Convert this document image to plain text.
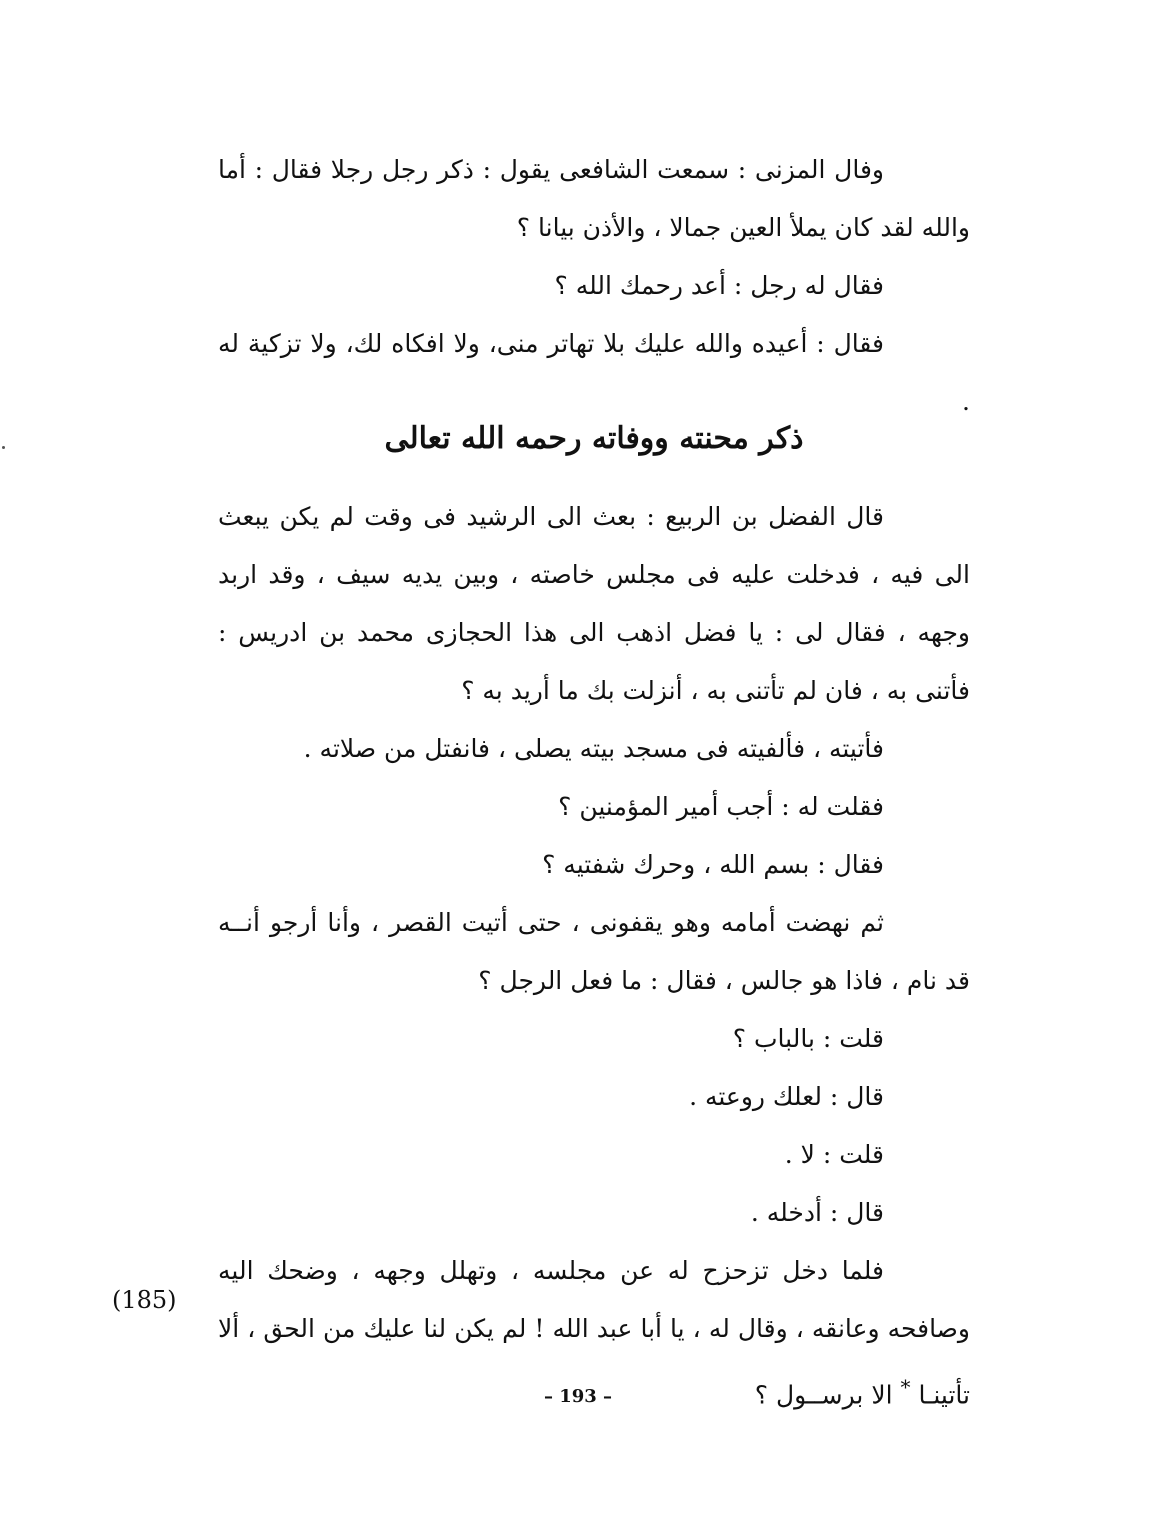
وفال المزنى : سمعت الشافعى يقول : ذكر رجل رجلا فقال : أما والله لقد كان يملأ العين جمالا ، والأذن بيانا ؟

فقال له رجل : أعد رحمك الله ؟

فقال : أعيده والله عليك بلا تهاتر منى، ولا افكاه لك، ولا تزكية له .

ذكر محنته ووفاته رحمه الله تعالى

قال الفضل بن الربيع : بعث الى الرشيد فى وقت لم يكن يبعث الى فيه ، فدخلت عليه فى مجلس خاصته ، وبين يديه سيف ، وقد اربد وجهه ، فقال لى : يا فضل اذهب الى هذا الحجازى محمد بن ادريس : فأتنى به ، فان لم تأتنى به ، أنزلت بك ما أريد به ؟

فأتيته ، فألفيته فى مسجد بيته يصلى ، فانفتل من صلاته .

فقلت له : أجب أمير المؤمنين ؟

فقال : بسم الله ، وحرك شفتيه ؟

ثم نهضت أمامه وهو يقفونى ، حتى أتيت القصر ، وأنا أرجو أنــه قد نام ، فاذا هو جالس ، فقال : ما فعل الرجل ؟

قلت : بالباب ؟

قال : لعلك روعته .

قلت : لا .

قال : أدخله .

فلما دخل تزحزح له عن مجلسه ، وتهلل وجهه ، وضحك اليه وصافحه وعانقه ، وقال له ، يا أبا عبد الله ! لم يكن لنا عليك من الحق ، ألا تأتينـا * الا برســول ؟

(185)
– 193 –
